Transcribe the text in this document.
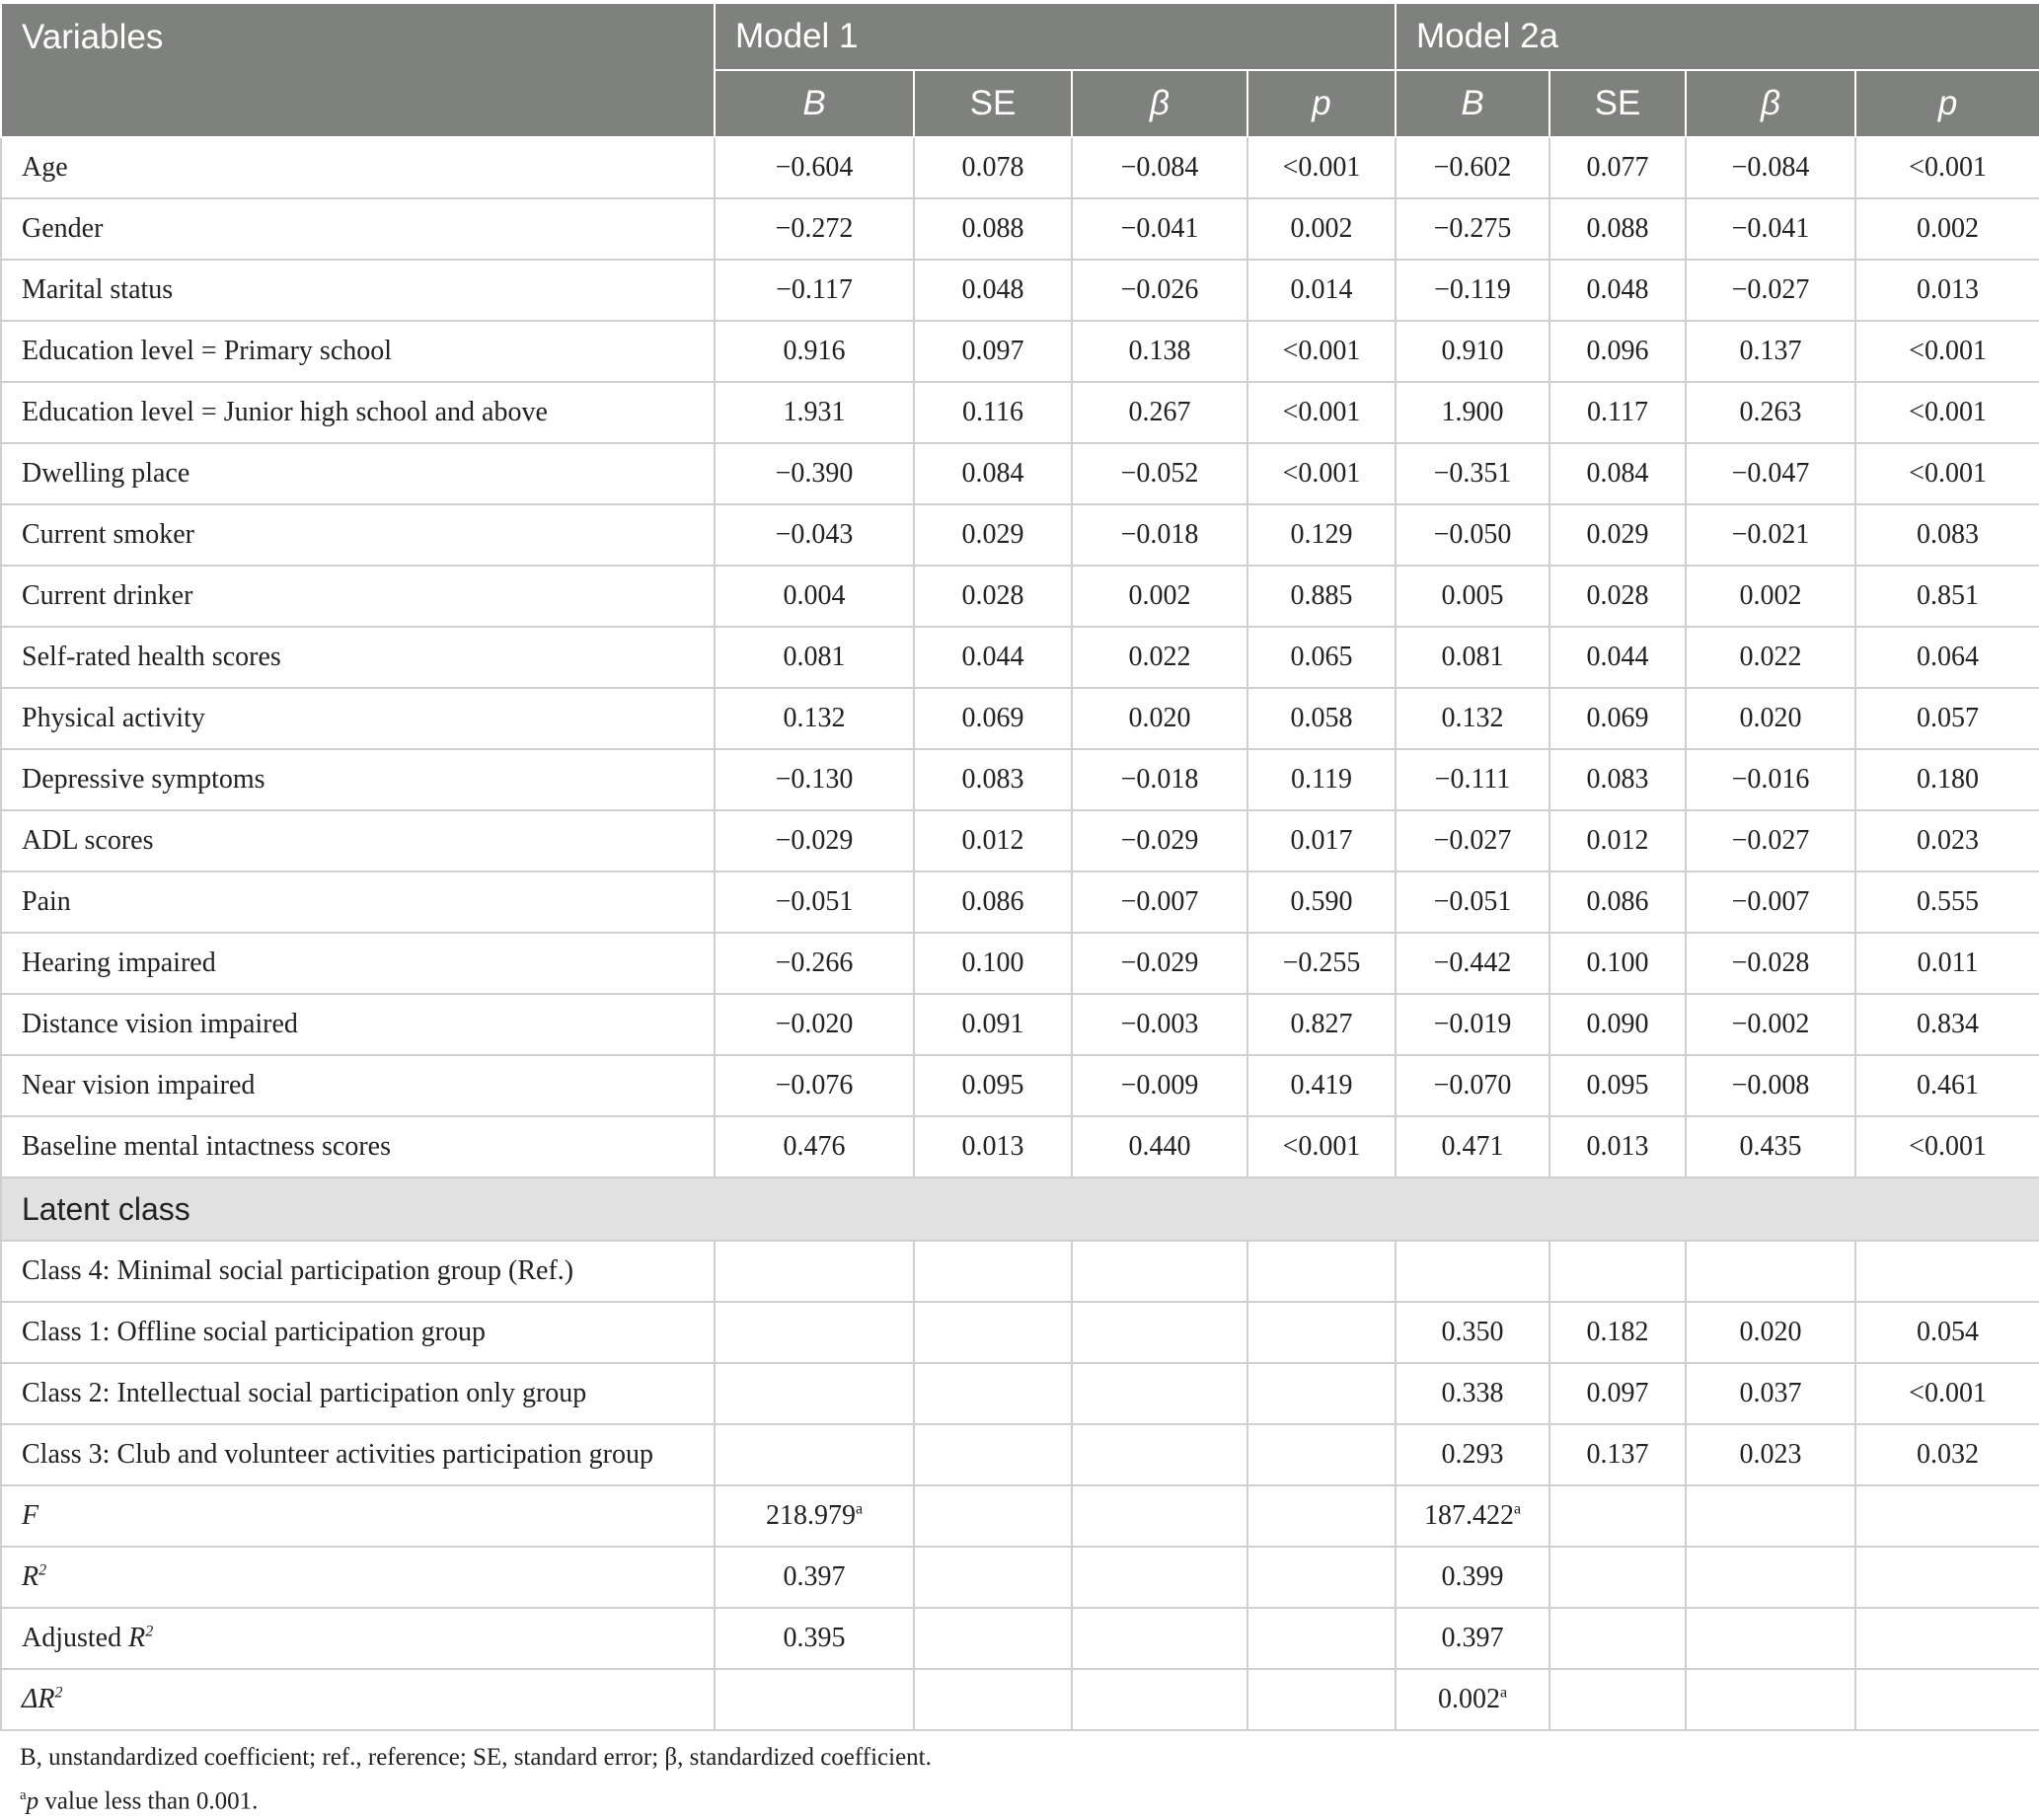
Variables	Model 1				Model 2a			
	B	SE	β	p	B	SE	β	p
Age	−0.604	0.078	−0.084	<0.001	−0.602	0.077	−0.084	<0.001
Gender	−0.272	0.088	−0.041	0.002	−0.275	0.088	−0.041	0.002
Marital status	−0.117	0.048	−0.026	0.014	−0.119	0.048	−0.027	0.013
Education level = Primary school	0.916	0.097	0.138	<0.001	0.910	0.096	0.137	<0.001
Education level = Junior high school and above	1.931	0.116	0.267	<0.001	1.900	0.117	0.263	<0.001
Dwelling place	−0.390	0.084	−0.052	<0.001	−0.351	0.084	−0.047	<0.001
Current smoker	−0.043	0.029	−0.018	0.129	−0.050	0.029	−0.021	0.083
Current drinker	0.004	0.028	0.002	0.885	0.005	0.028	0.002	0.851
Self-rated health scores	0.081	0.044	0.022	0.065	0.081	0.044	0.022	0.064
Physical activity	0.132	0.069	0.020	0.058	0.132	0.069	0.020	0.057
Depressive symptoms	−0.130	0.083	−0.018	0.119	−0.111	0.083	−0.016	0.180
ADL scores	−0.029	0.012	−0.029	0.017	−0.027	0.012	−0.027	0.023
Pain	−0.051	0.086	−0.007	0.590	−0.051	0.086	−0.007	0.555
Hearing impaired	−0.266	0.100	−0.029	−0.255	−0.442	0.100	−0.028	0.011
Distance vision impaired	−0.020	0.091	−0.003	0.827	−0.019	0.090	−0.002	0.834
Near vision impaired	−0.076	0.095	−0.009	0.419	−0.070	0.095	−0.008	0.461
Baseline mental intactness scores	0.476	0.013	0.440	<0.001	0.471	0.013	0.435	<0.001
Latent class								
Class 4: Minimal social participation group (Ref.)								
Class 1: Offline social participation group					0.350	0.182	0.020	0.054
Class 2: Intellectual social participation only group					0.338	0.097	0.037	<0.001
Class 3: Club and volunteer activities participation group					0.293	0.137	0.023	0.032
F	218.979$^a$				187.422$^a$			
$R^2$	0.397				0.399			
Adjusted $R^2$	0.395				0.397			
$\Delta R^2$					0.002$^a$			
B, unstandardized coefficient; ref., reference; SE, standard error; β, standardized coefficient.
$^a$p value less than 0.001.
